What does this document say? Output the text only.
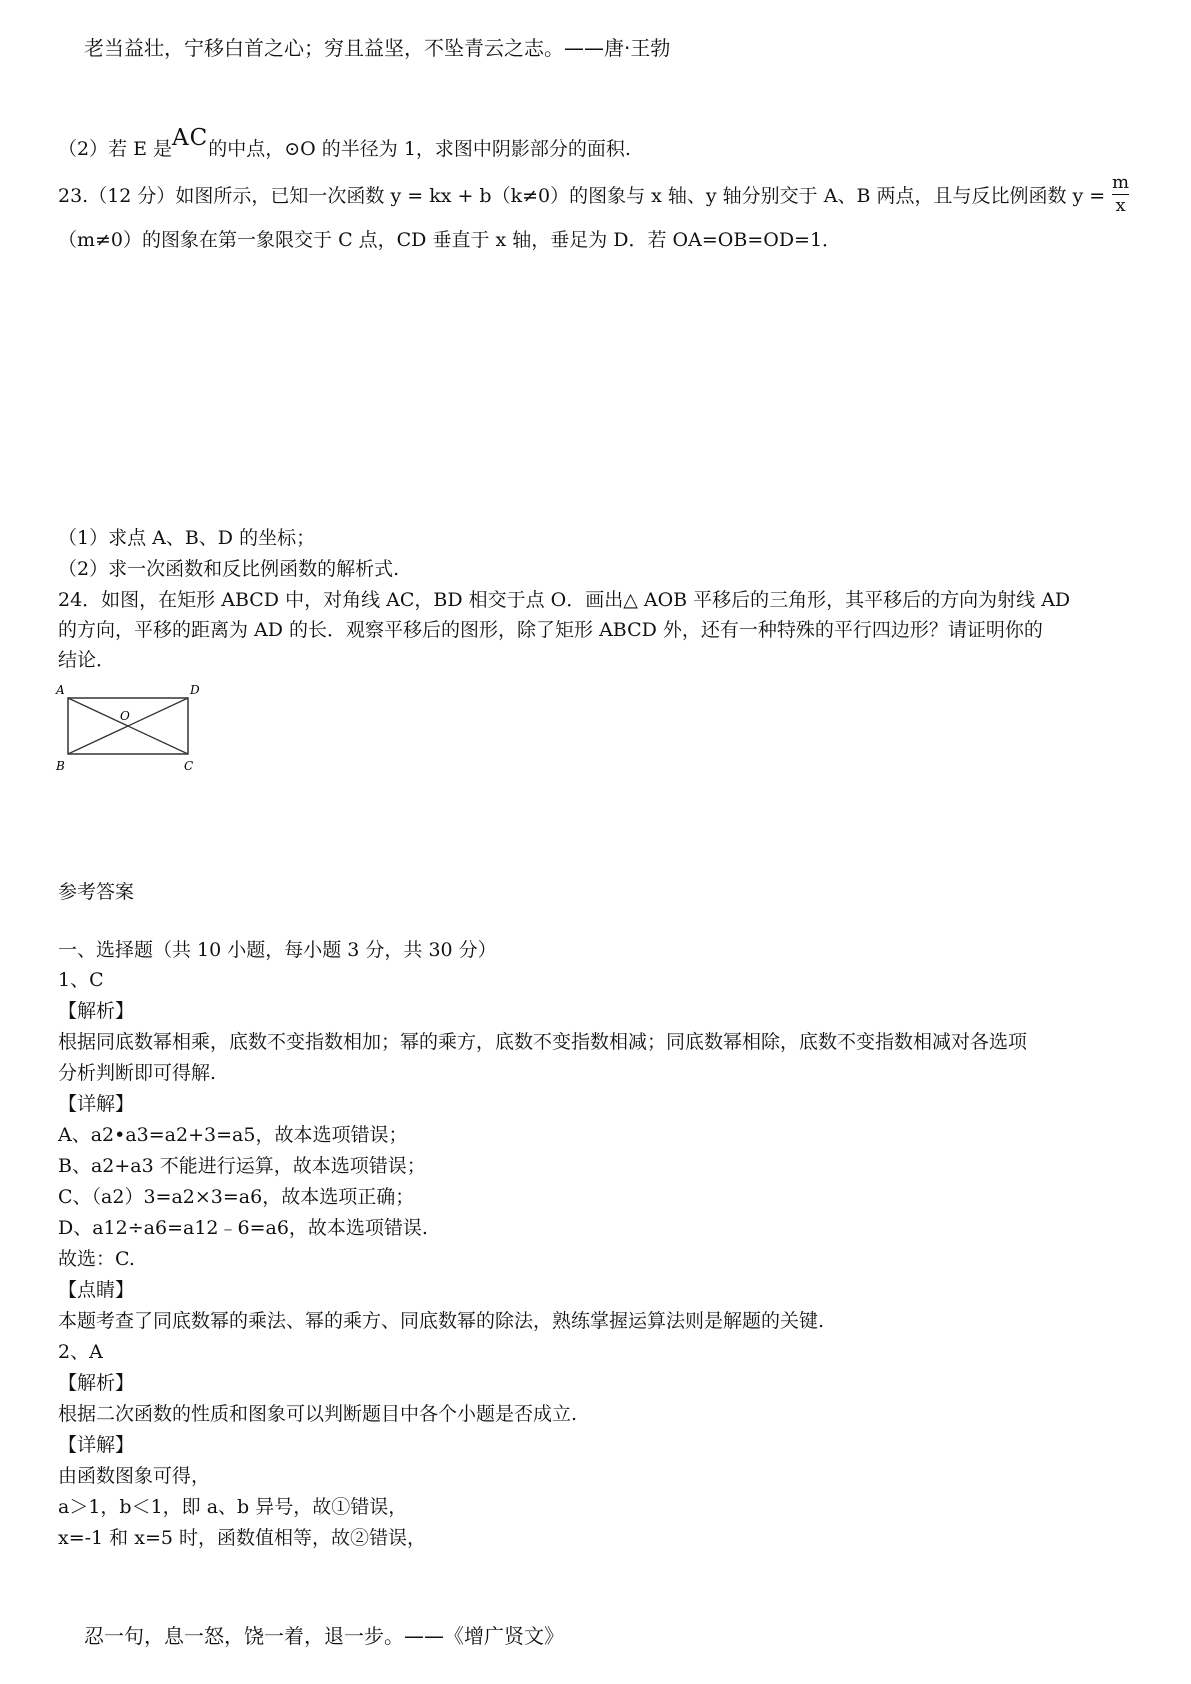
老当益壮，宁移白首之心；穷且益坚，不坠青云之志。——唐·王勃
（2）若 E 是AC的中点，⊙O 的半径为 1，求图中阴影部分的面积.
23.（12 分）如图所示，已知一次函数 y = kx + b（k≠0）的图象与 x 轴、y 轴分别交于 A、B 两点，且与反比例函数 $y = \frac{m}{x}$
（m≠0）的图象在第一象限交于 C 点，CD 垂直于 x 轴，垂足为 D．若 OA=OB=OD=1．
（1）求点 A、B、D 的坐标；
（2）求一次函数和反比例函数的解析式.
24．如图，在矩形 ABCD 中，对角线 AC，BD 相交于点 O．画出△ AOB 平移后的三角形，其平移后的方向为射线 AD
的方向，平移的距离为 AD 的长．观察平移后的图形，除了矩形 ABCD 外，还有一种特殊的平行四边形？请证明你的
结论．
A	D
B	C
O
参考答案
一、选择题（共 10 小题，每小题 3 分，共 30 分）
1、C
【解析】
根据同底数幂相乘，底数不变指数相加；幂的乘方，底数不变指数相减；同底数幂相除，底数不变指数相减对各选项
分析判断即可得解.
【详解】
A、a2•a3=a2+3=a5，故本选项错误；
B、a2+a3 不能进行运算，故本选项错误；
C、（a2）3=a2×3=a6，故本选项正确；
D、a12÷a6=a12﹣6=a6，故本选项错误.
故选：C.
【点睛】
本题考查了同底数幂的乘法、幂的乘方、同底数幂的除法，熟练掌握运算法则是解题的关键.
2、A
【解析】
根据二次函数的性质和图象可以判断题目中各个小题是否成立.
【详解】
由函数图象可得，
a＞1，b＜1，即 a、b 异号，故①错误，
x=-1 和 x=5 时，函数值相等，故②错误，
忍一句，息一怒，饶一着，退一步。——《增广贤文》
